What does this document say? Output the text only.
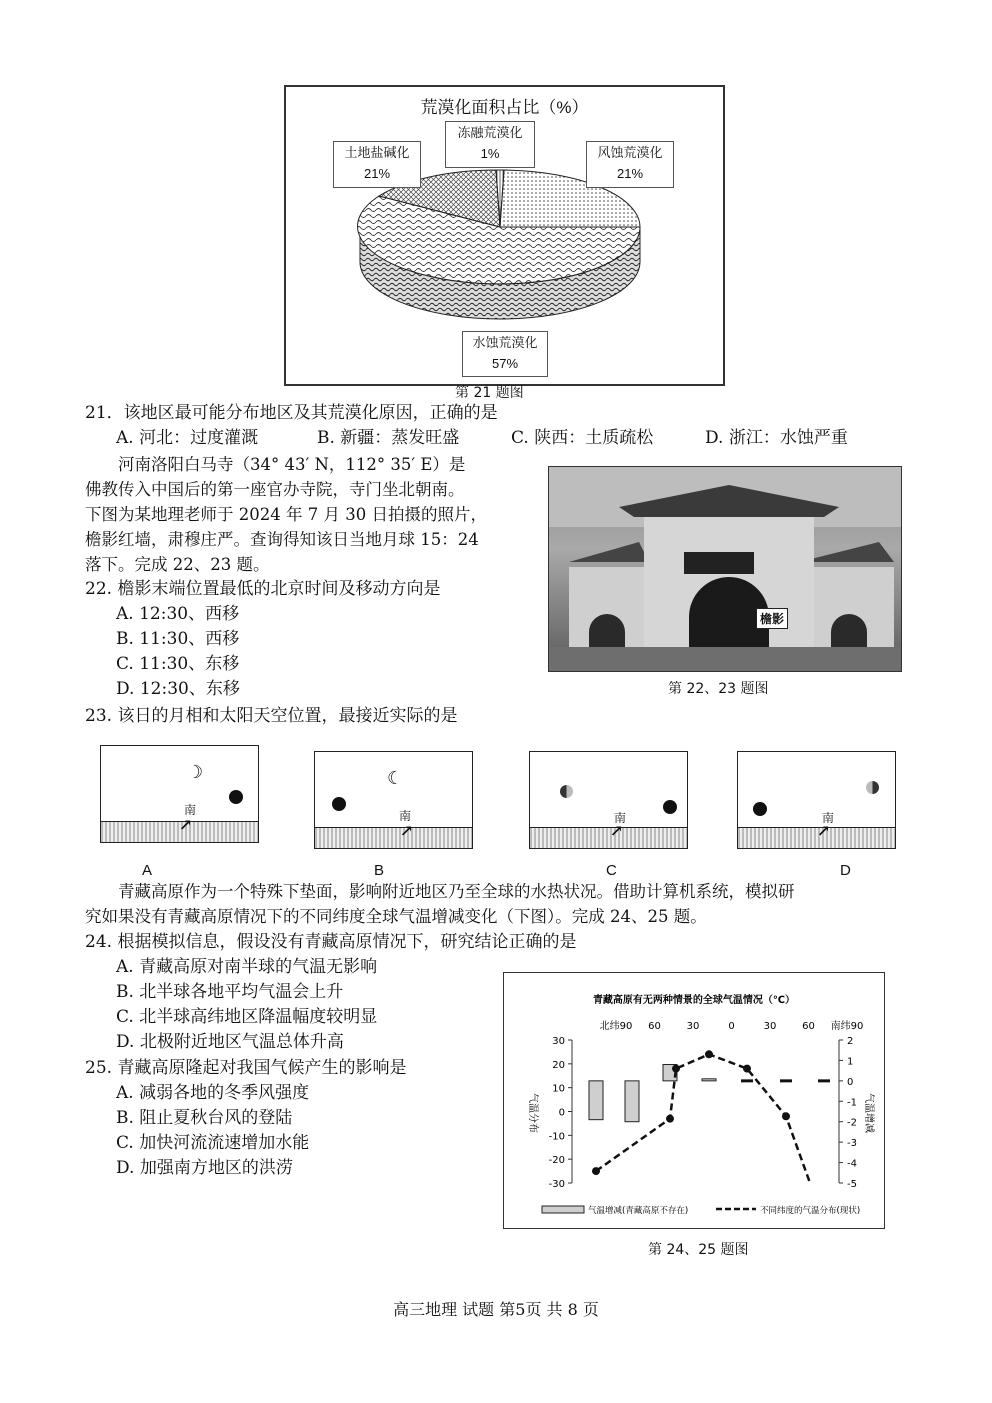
荒漠化面积占比（%）
冻融荒漠化
1%	风蚀荒漠化
21%
土地盐碱化
21%
水蚀荒漠化
57%
第 21 题图
21．该地区最可能分布地区及其荒漠化原因，正确的是
A. 河北：过度灌溉	B. 新疆：蒸发旺盛	C. 陕西：土质疏松	D. 浙江：水蚀严重
河南洛阳白马寺（34° 43′ N，112° 35′ E）是
佛教传入中国后的第一座官办寺院，寺门坐北朝南。
下图为某地理老师于 2024 年 7 月 30 日拍摄的照片，
檐影红墙，肃穆庄严。查询得知该日当地月球 15：24
落下。完成 22、23 题。
檐影
第 22、23 题图
22. 檐影末端位置最低的北京时间及移动方向是
A. 12:30、西移
B. 11:30、西移
C. 11:30、东移
D. 12:30、东移
23. 该日的月相和太阳天空位置，最接近实际的是
☽
南
↗
☾
南
↗
南
↗
南
↗
A	B	C	D
青藏高原作为一个特殊下垫面，影响附近地区乃至全球的水热状况。借助计算机系统，模拟研
究如果没有青藏高原情况下的不同纬度全球气温增减变化（下图）。完成 24、25 题。
24. 根据模拟信息，假设没有青藏高原情况下，研究结论正确的是
A. 青藏高原对南半球的气温无影响
B. 北半球各地平均气温会上升
C. 北半球高纬地区降温幅度较明显
D. 北极附近地区气温总体升高
25. 青藏高原隆起对我国气候产生的影响是
A. 减弱各地的冬季风强度
B. 阻止夏秋台风的登陆
C. 加快河流流速增加水能
D. 加强南方地区的洪涝
青藏高原有无两种情景的全球气温情况（℃）
北纬90 60	30	0	30	60 南纬90
30
20
10
0
-10
-20
-30
2
1
0
-1
-2
-3
-4
-5
气温分布	气温增减
气温增减(青藏高原不存在)	不同纬度的气温分布(现状)
第 24、25 题图
高三地理 试题 第5页 共 8 页
